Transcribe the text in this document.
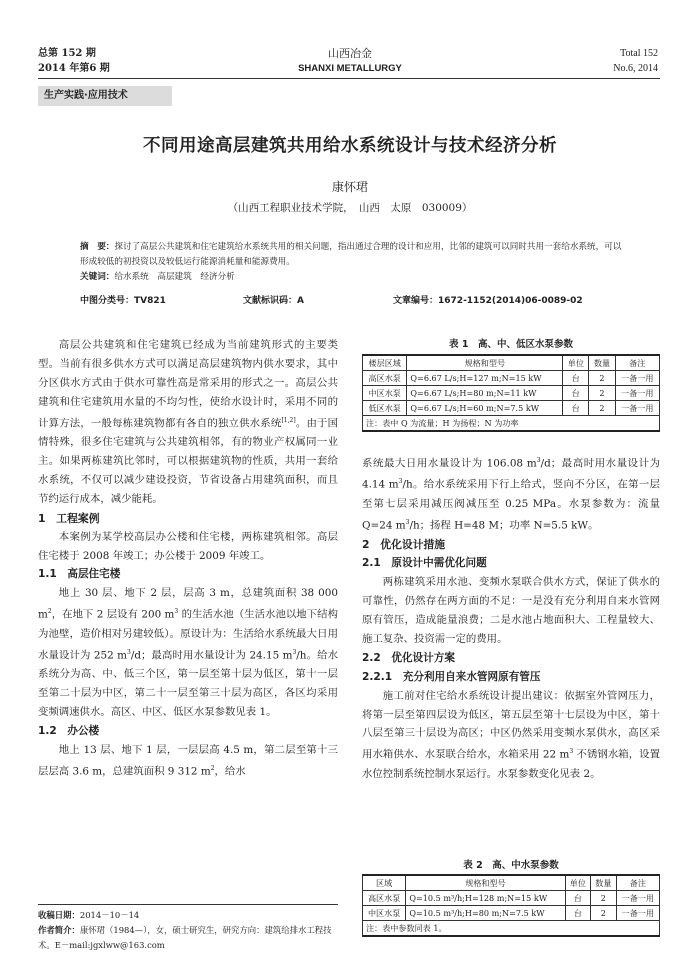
总第 152 期
2014 年第6 期
山西冶金
SHANXI METALLURGY
Total 152
No.6, 2014
生产实践·应用技术
不同用途高层建筑共用给水系统设计与技术经济分析
康怀珺
（山西工程职业技术学院，　山西　太原　030009）
摘　要：探讨了高层公共建筑和住宅建筑给水系统共用的相关问题，指出通过合理的设计和应用，比邻的建筑可以同时共用一套给水系统，可以形成较低的初投资以及较低运行能源消耗量和能源费用。
关键词：给水系统　高层建筑　经济分析
中图分类号：TV821	文献标识码：A	文章编号：1672-1152(2014)06-0089-02

高层公共建筑和住宅建筑已经成为当前建筑形式的主要类型。当前有很多供水方式可以满足高层建筑物内供水要求，其中分区供水方式由于供水可靠性高是常采用的形式之一。高层公共建筑和住宅建筑用水量的不均匀性，使给水设计时，采用不同的计算方法，一般每栋建筑物都有各自的独立供水系统[1,2]。由于国情特殊，很多住宅建筑与公共建筑相邻，有的物业产权属同一业主。如果两栋建筑比邻时，可以根据建筑物的性质，共用一套给水系统，不仅可以减少建设投资，节省设备占用建筑面积，而且节约运行成本，减少能耗。

1　工程案例

本案例为某学校高层办公楼和住宅楼，两栋建筑相邻。高层住宅楼于 2008 年竣工；办公楼于 2009 年竣工。

1.1　高层住宅楼

地上 30 层、地下 2 层，层高 3 m，总建筑面积 38 000 $m^2$，在地下 2 层设有 200 $m^3$ 的生活水池（生活水池以地下结构为池壁，造价相对另建较低）。原设计为：生活给水系统最大日用水量设计为 252 $m^3/d$；最高时用水量设计为 24.15 $m^3/h$。给水系统分为高、中、低三个区，第一层至第十层为低区，第十一层至第二十层为中区，第二十一层至第三十层为高区，各区均采用变频调速供水。高区、中区、低区水泵参数见表 1。

1.2　办公楼

地上 13 层、地下 1 层，一层层高 4.5 m，第二层至第十三层层高 3.6 m，总建筑面积 9 312 $m^2$，给水

收稿日期：2014－10－14
作者简介：康怀珺（1984—），女，硕士研究生，研究方向：建筑给排水工程技术。E－mail:jgxlww@163.com
表 1　高、中、低区水泵参数
楼层区域	规格和型号	单位	数量	备注
高区水泵	Q=6.67 L/s;H=127 m;N=15 kW	台	2	一备一用
中区水泵	Q=6.67 L/s;H=80 m;N=11 kW	台	2	一备一用
低区水泵	Q=6.67 L/s;H=60 m;N=7.5 kW	台	2	一备一用
注：表中 Q 为流量；H 为扬程；N 为功率				

系统最大日用水量设计为 106.08 $m^3/d$；最高时用水量设计为 4.14 $m^3/h$。给水系统采用下行上给式，竖向不分区，在第一层至第七层采用减压阀减压至 0.25 MPa。水泵参数为：流量 Q=24 $m^3/h$；扬程 H=48 M；功率 N=5.5 kW。

2　优化设计措施
2.1　原设计中需优化问题

两栋建筑采用水池、变频水泵联合供水方式，保证了供水的可靠性，仍然存在两方面的不足：一是没有充分利用自来水管网原有管压，造成能量浪费；二是水池占地面积大、工程量较大、施工复杂、投资需一定的费用。

2.2　优化设计方案
2.2.1　充分利用自来水管网原有管压

施工前对住宅给水系统设计提出建议：依据室外管网压力，将第一层至第四层设为低区，第五层至第十七层设为中区，第十八层至第三十层设为高区；中区仍然采用变频水泵供水，高区采用水箱供水、水泵联合给水，水箱采用 22 $m^3$ 不锈钢水箱，设置水位控制系统控制水泵运行。水泵参数变化见表 2。

表 2　高、中水泵参数
区域	规格和型号	单位	数量	备注
高区水泵	Q=10.5 m³/h;H=128 m;N=15 kW	台	2	一备一用
中区水泵	Q=10.5 m³/h;H=80 m;N=7.5 kW	台	2	一备一用
注：表中参数同表 1。				
